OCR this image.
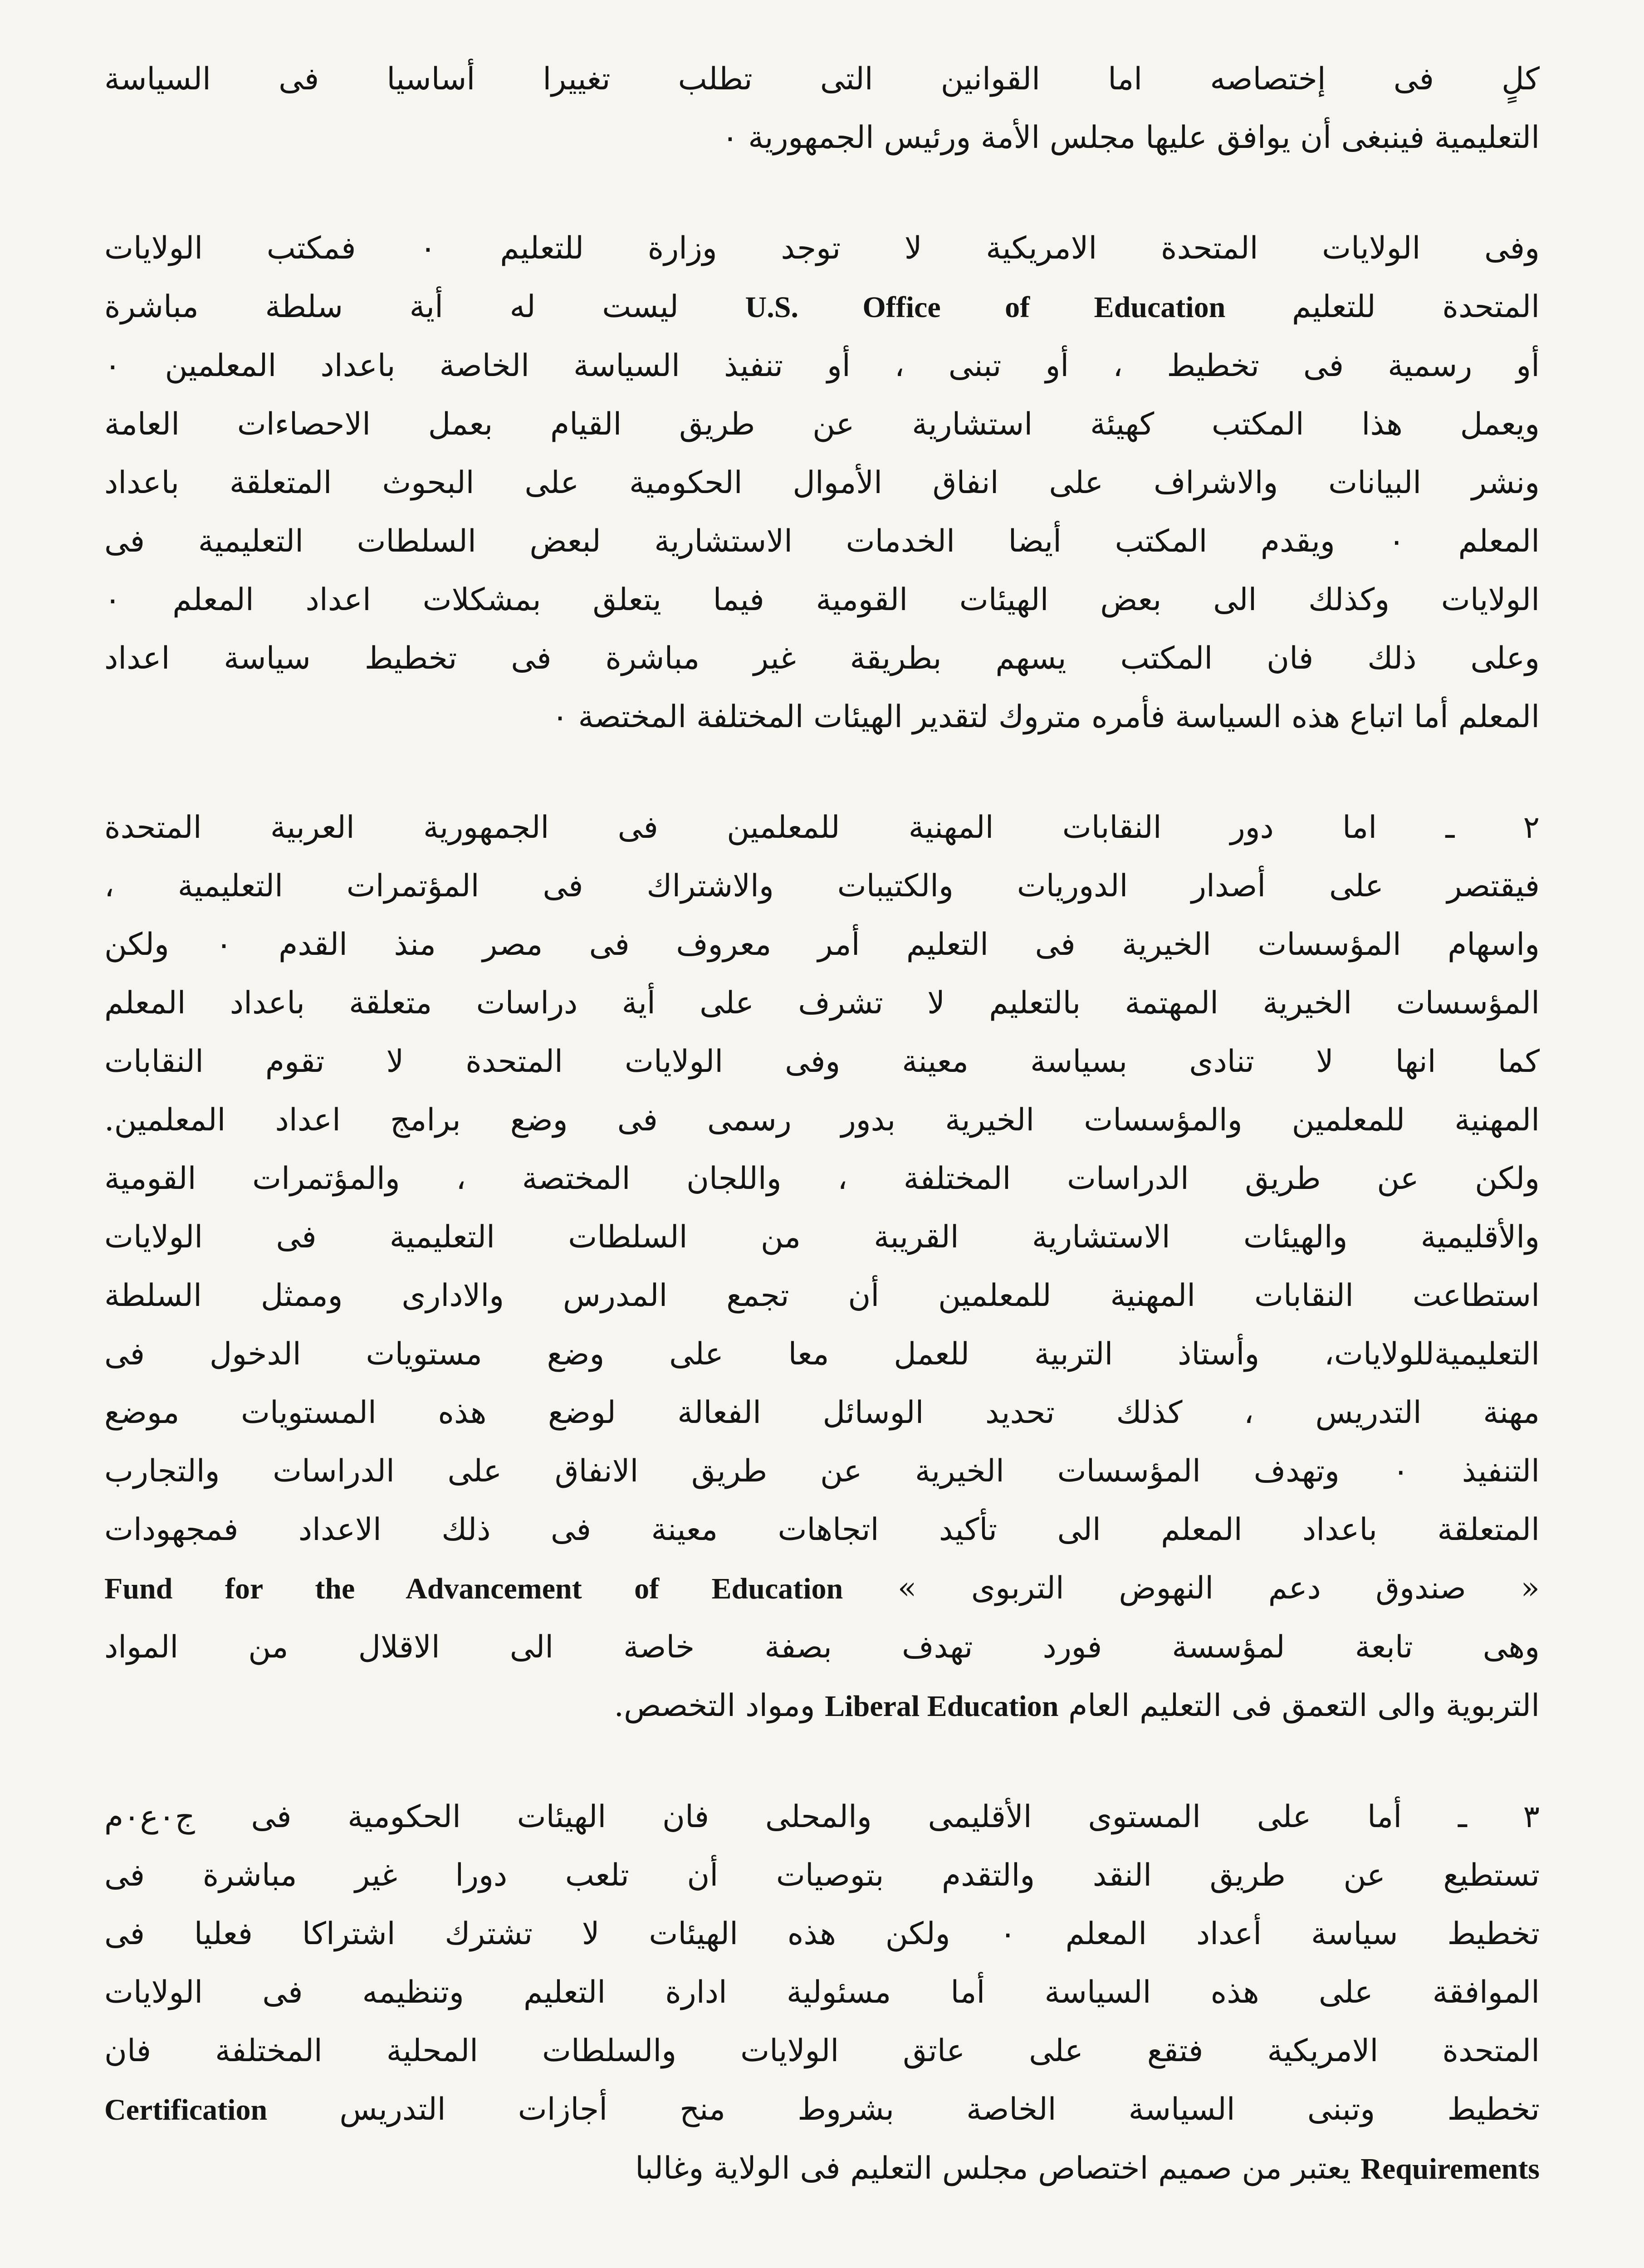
كلٍ فى إختصاصه اما القوانين التى تطلب تغييرا أساسيا فى السياسة
التعليمية فينبغى أن يوافق عليها مجلس الأمة ورئيس الجمهورية ٠
وفى الولايات المتحدة الامريكية لا توجد وزارة للتعليم ٠ فمكتب الولايات
المتحدة للتعليم U.S. Office of Education ليست له أية سلطة مباشرة
أو رسمية فى تخطيط ، أو تبنى ، أو تنفيذ السياسة الخاصة باعداد المعلمين ٠
ويعمل هذا المكتب كهيئة استشارية عن طريق القيام بعمل الاحصاءات العامة
ونشر البيانات والاشراف على انفاق الأموال الحكومية على البحوث المتعلقة باعداد
المعلم ٠ ويقدم المكتب أيضا الخدمات الاستشارية لبعض السلطات التعليمية فى
الولايات وكذلك الى بعض الهيئات القومية فيما يتعلق بمشكلات اعداد المعلم ٠
وعلى ذلك فان المكتب يسهم بطريقة غير مباشرة فى تخطيط سياسة اعداد
المعلم أما اتباع هذه السياسة فأمره متروك لتقدير الهيئات المختلفة المختصة ٠
٢ ـ اما دور النقابات المهنية للمعلمين فى الجمهورية العربية المتحدة
فيقتصر على أصدار الدوريات والكتيبات والاشتراك فى المؤتمرات التعليمية ،
واسهام المؤسسات الخيرية فى التعليم أمر معروف فى مصر منذ القدم ٠ ولكن
المؤسسات الخيرية المهتمة بالتعليم لا تشرف على أية دراسات متعلقة باعداد المعلم
كما انها لا تنادى بسياسة معينة وفى الولايات المتحدة لا تقوم النقابات
المهنية للمعلمين والمؤسسات الخيرية بدور رسمى فى وضع برامج اعداد المعلمين.
ولكن عن طريق الدراسات المختلفة ، واللجان المختصة ، والمؤتمرات القومية
والأقليمية والهيئات الاستشارية القريبة من السلطات التعليمية فى الولايات
استطاعت النقابات المهنية للمعلمين أن تجمع المدرس والادارى وممثل السلطة
التعليميةللولايات، وأستاذ التربية للعمل معا على وضع مستويات الدخول فى
مهنة التدريس ، كذلك تحديد الوسائل الفعالة لوضع هذه المستويات موضع
التنفيذ ٠ وتهدف المؤسسات الخيرية عن طريق الانفاق على الدراسات والتجارب
المتعلقة باعداد المعلم الى تأكيد اتجاهات معينة فى ذلك الاعداد فمجهودات
« صندوق دعم النهوض التربوى » Fund for the Advancement of Education
وهى تابعة لمؤسسة فورد تهدف بصفة خاصة الى الاقلال من المواد
التربوية والى التعمق فى التعليم العام Liberal Education ومواد التخصص.
٣ ـ أما على المستوى الأقليمى والمحلى فان الهيئات الحكومية فى ج٠ع٠م
تستطيع عن طريق النقد والتقدم بتوصيات أن تلعب دورا غير مباشرة فى
تخطيط سياسة أعداد المعلم ٠ ولكن هذه الهيئات لا تشترك اشتراكا فعليا فى
الموافقة على هذه السياسة أما مسئولية ادارة التعليم وتنظيمه فى الولايات
المتحدة الامريكية فتقع على عاتق الولايات والسلطات المحلية المختلفة فان
تخطيط وتبنى السياسة الخاصة بشروط منح أجازات التدريس Certification
Requirements يعتبر من صميم اختصاص مجلس التعليم فى الولاية وغالبا
